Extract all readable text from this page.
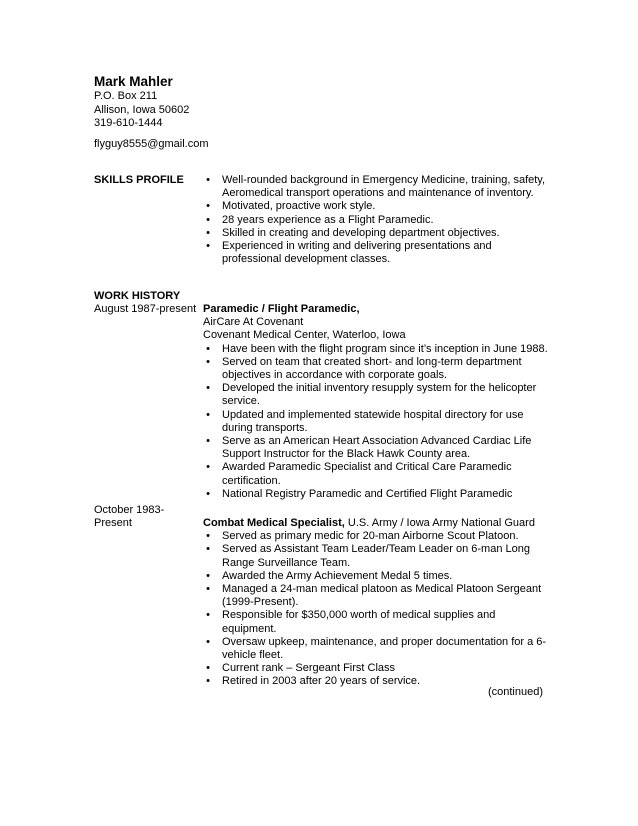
Mark Mahler
P.O. Box 211
Allison, Iowa 50602
319-610-1444
flyguy8555@gmail.com
SKILLS PROFILE • Well-rounded background in Emergency Medicine, training, safety, Aeromedical transport operations and maintenance of inventory.
• Motivated, proactive work style.
• 28 years experience as a Flight Paramedic.
• Skilled in creating and developing department objectives.
• Experienced in writing and delivering presentations and professional development classes.
WORK HISTORY
August 1987-present Paramedic / Flight Paramedic,
AirCare At Covenant
Covenant Medical Center, Waterloo, Iowa
• Have been with the flight program since it’s inception in June 1988.
• Served on team that created short- and long-term department objectives in accordance with corporate goals.
• Developed the initial inventory resupply system for the helicopter service.
• Updated and implemented statewide hospital directory for use during transports.
• Serve as an American Heart Association Advanced Cardiac Life Support Instructor for the Black Hawk County area.
• Awarded Paramedic Specialist and Critical Care Paramedic certification.
• National Registry Paramedic and Certified Flight Paramedic
October 1983-
Present	Combat Medical Specialist, U.S. Army / Iowa Army National Guard
• Served as primary medic for 20-man Airborne Scout Platoon.
• Served as Assistant Team Leader/Team Leader on 6-man Long Range Surveillance Team.
• Awarded the Army Achievement Medal 5 times.
• Managed a 24-man medical platoon as Medical Platoon Sergeant (1999-Present).
• Responsible for $350,000 worth of medical supplies and equipment.
• Oversaw upkeep, maintenance, and proper documentation for a 6-vehicle fleet.
• Current rank – Sergeant First Class
• Retired in 2003 after 20 years of service.
(continued)
